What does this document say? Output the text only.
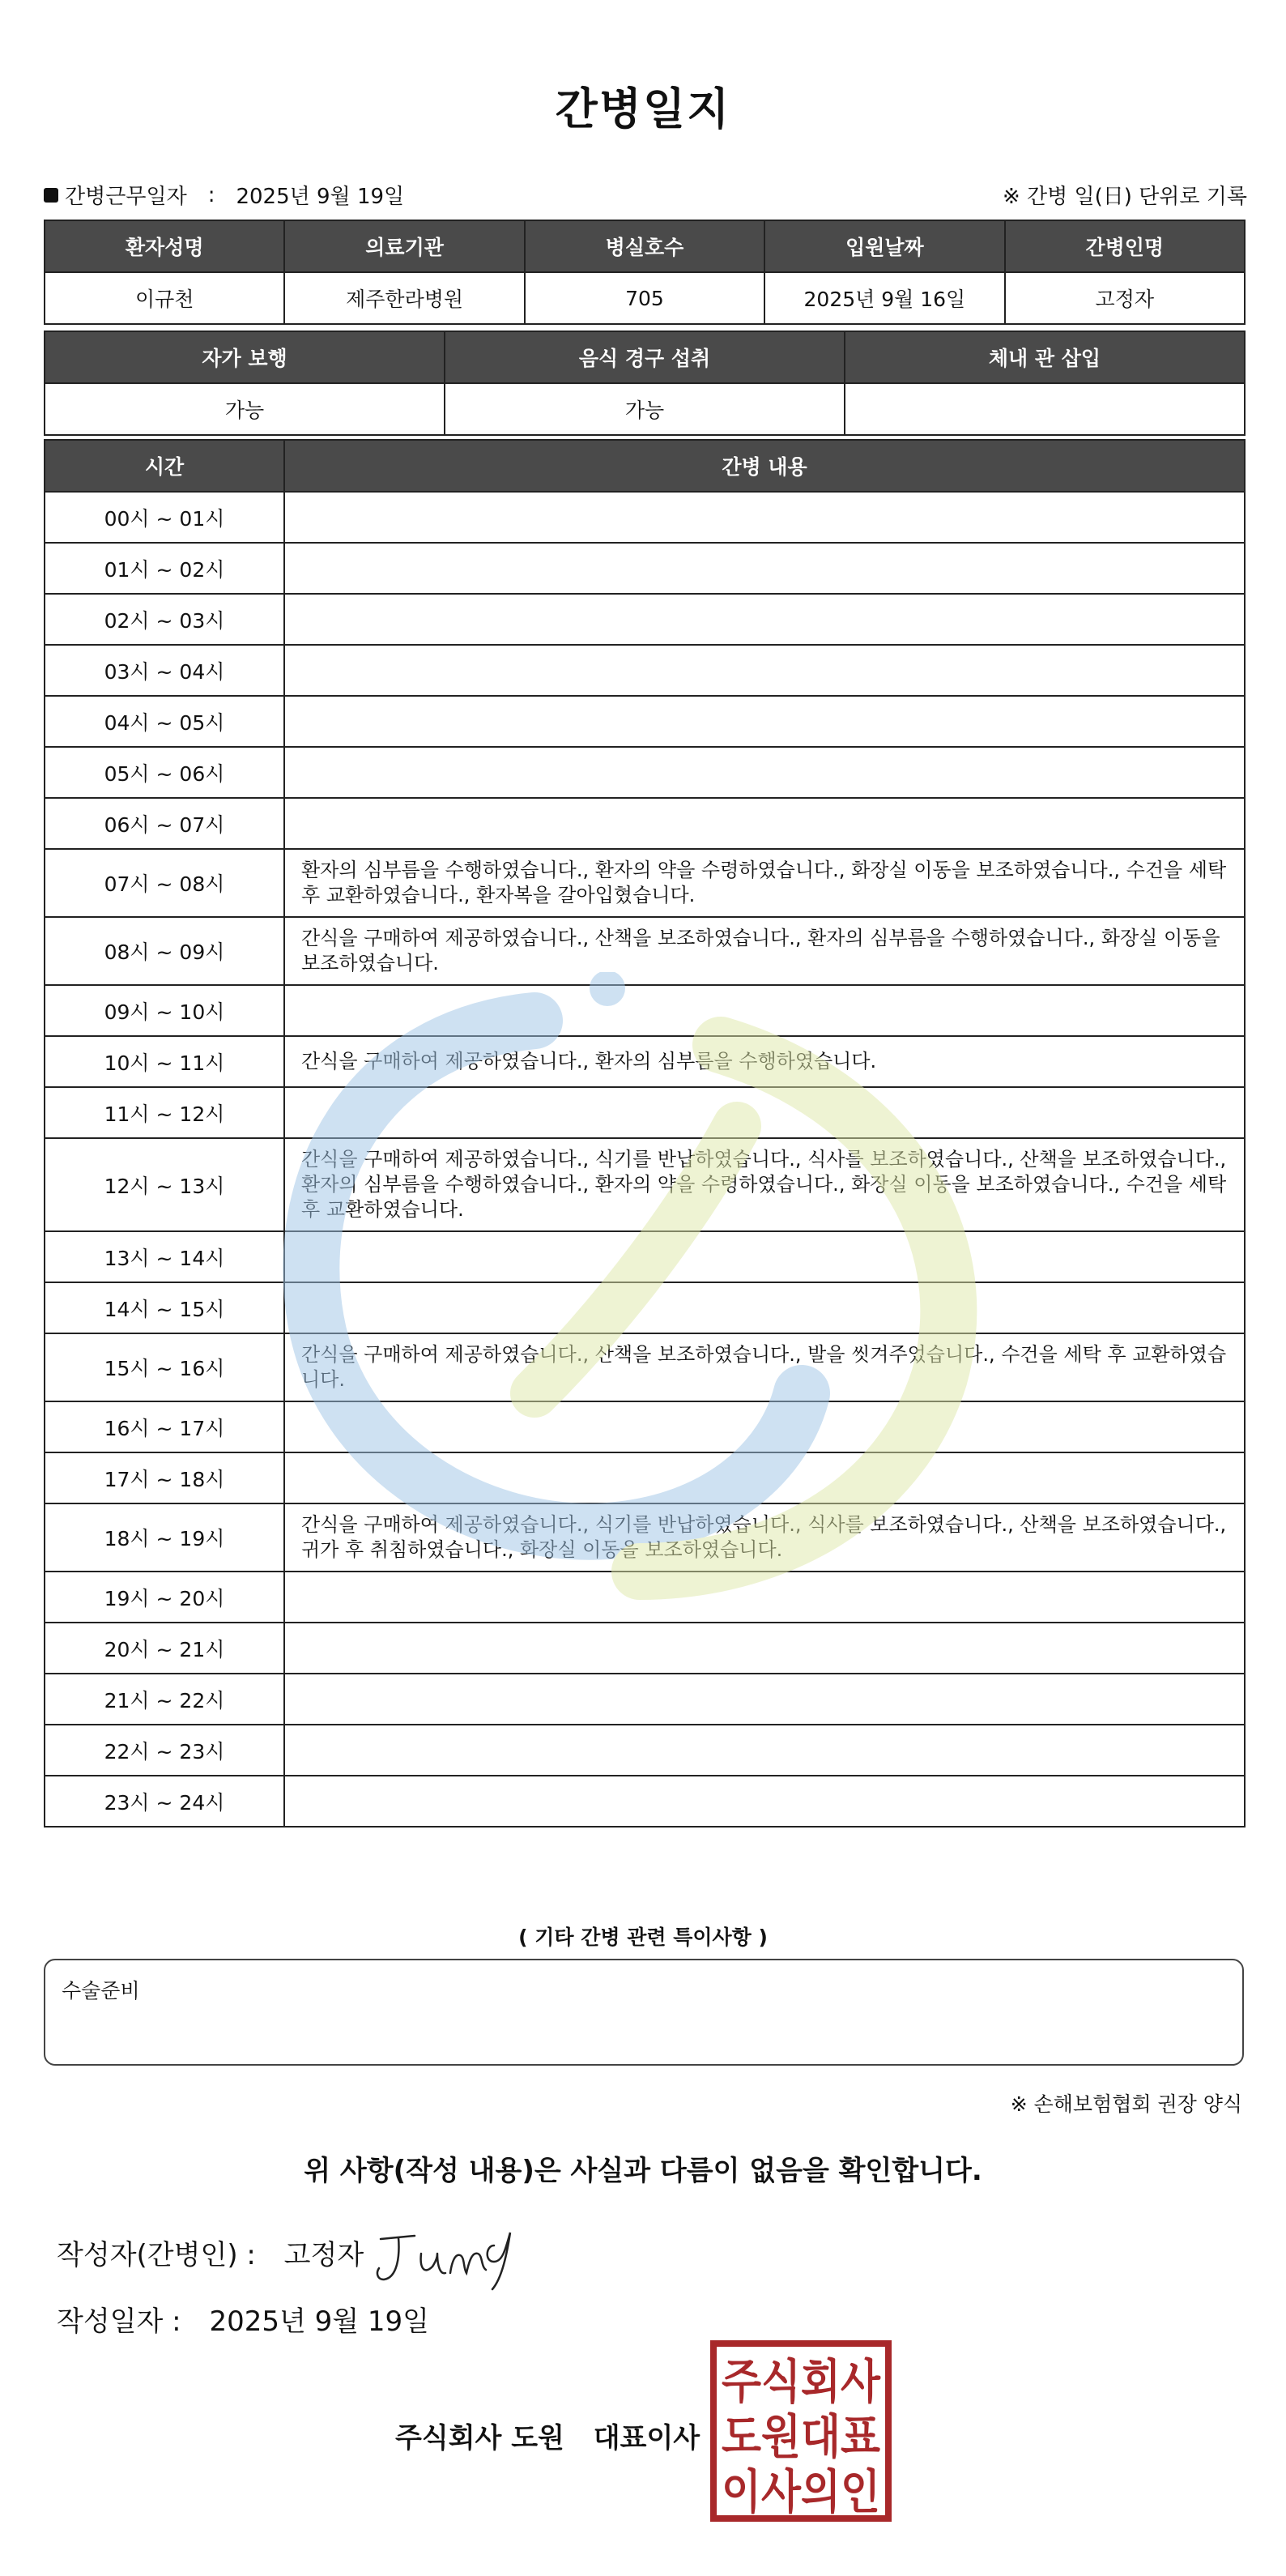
간병일지
간병근무일자 : 2025년 9월 19일	※ 간병 일(日) 단위로 기록
환자성명	의료기관	병실호수	입원날짜	간병인명
이규천	제주한라병원	705	2025년 9월 16일	고정자
자가 보행	음식 경구 섭취	체내 관 삽입
가능	가능	
시간	간병 내용
00시 ~ 01시	
01시 ~ 02시	
02시 ~ 03시	
03시 ~ 04시	
04시 ~ 05시	
05시 ~ 06시	
06시 ~ 07시	
07시 ~ 08시	환자의 심부름을 수행하였습니다., 환자의 약을 수령하였습니다., 화장실 이동을 보조하였습니다., 수건을 세탁 후 교환하였습니다., 환자복을 갈아입혔습니다.
08시 ~ 09시	간식을 구매하여 제공하였습니다., 산책을 보조하였습니다., 환자의 심부름을 수행하였습니다., 화장실 이동을 보조하였습니다.
09시 ~ 10시	
10시 ~ 11시	간식을 구매하여 제공하였습니다., 환자의 심부름을 수행하였습니다.
11시 ~ 12시	
12시 ~ 13시	간식을 구매하여 제공하였습니다., 식기를 반납하였습니다., 식사를 보조하였습니다., 산책을 보조하였습니다., 환자의 심부름을 수행하였습니다., 환자의 약을 수령하였습니다., 화장실 이동을 보조하였습니다., 수건을 세탁 후 교환하였습니다.
13시 ~ 14시	
14시 ~ 15시	
15시 ~ 16시	간식을 구매하여 제공하였습니다., 산책을 보조하였습니다., 발을 씻겨주었습니다., 수건을 세탁 후 교환하였습니다.
16시 ~ 17시	
17시 ~ 18시	
18시 ~ 19시	간식을 구매하여 제공하였습니다., 식기를 반납하였습니다., 식사를 보조하였습니다., 산책을 보조하였습니다., 귀가 후 취침하였습니다., 화장실 이동을 보조하였습니다.
19시 ~ 20시	
20시 ~ 21시	
21시 ~ 22시	
22시 ~ 23시	
23시 ~ 24시	
( 기타 간병 관련 특이사항 )
수술준비
※ 손해보험협회 권장 양식
위 사항(작성 내용)은 사실과 다름이 없음을 확인합니다.
작성자(간병인) : 고정자
작성일자 : 2025년 9월 19일
주식회사 도원 대표이사
주식회사
도원대표
이사의인
